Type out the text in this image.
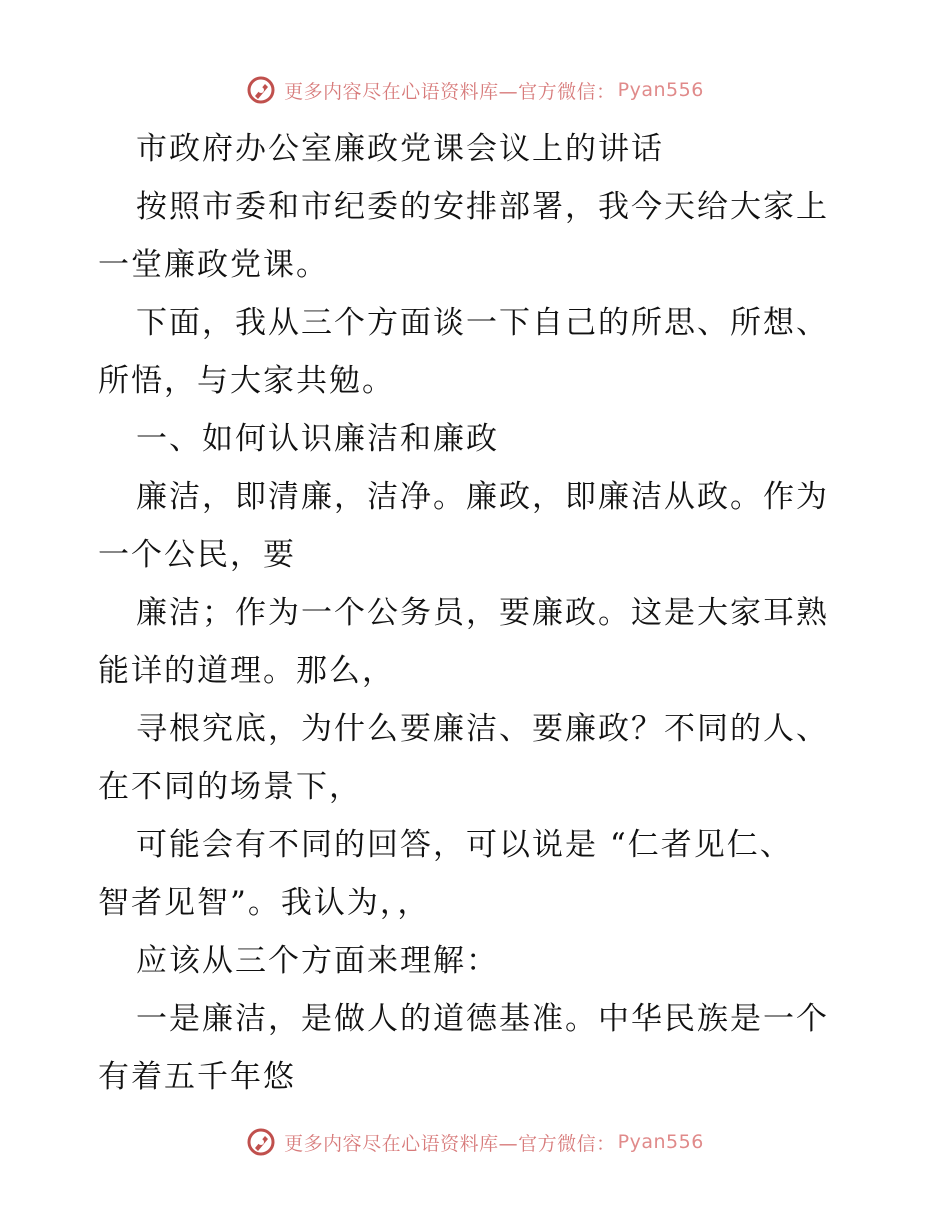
更多内容尽在心语资料库—官方微信： Pyan556
市政府办公室廉政党课会议上的讲话
按照市委和市纪委的安排部署，我今天给大家上
一堂廉政党课。
下面，我从三个方面谈一下自己的所思、所想、
所悟，与大家共勉。
一、如何认识廉洁和廉政
廉洁，即清廉，洁净。廉政，即廉洁从政。作为
一个公民，要
廉洁；作为一个公务员，要廉政。这是大家耳熟
能详的道理。那么，
寻根究底，为什么要廉洁、要廉政？不同的人、
在不同的场景下，
可能会有不同的回答，可以说是 “仁者见仁、
智者见智”。我认为，，
应该从三个方面来理解：
一是廉洁，是做人的道德基准。中华民族是一个
有着五千年悠
更多内容尽在心语资料库—官方微信： Pyan556
